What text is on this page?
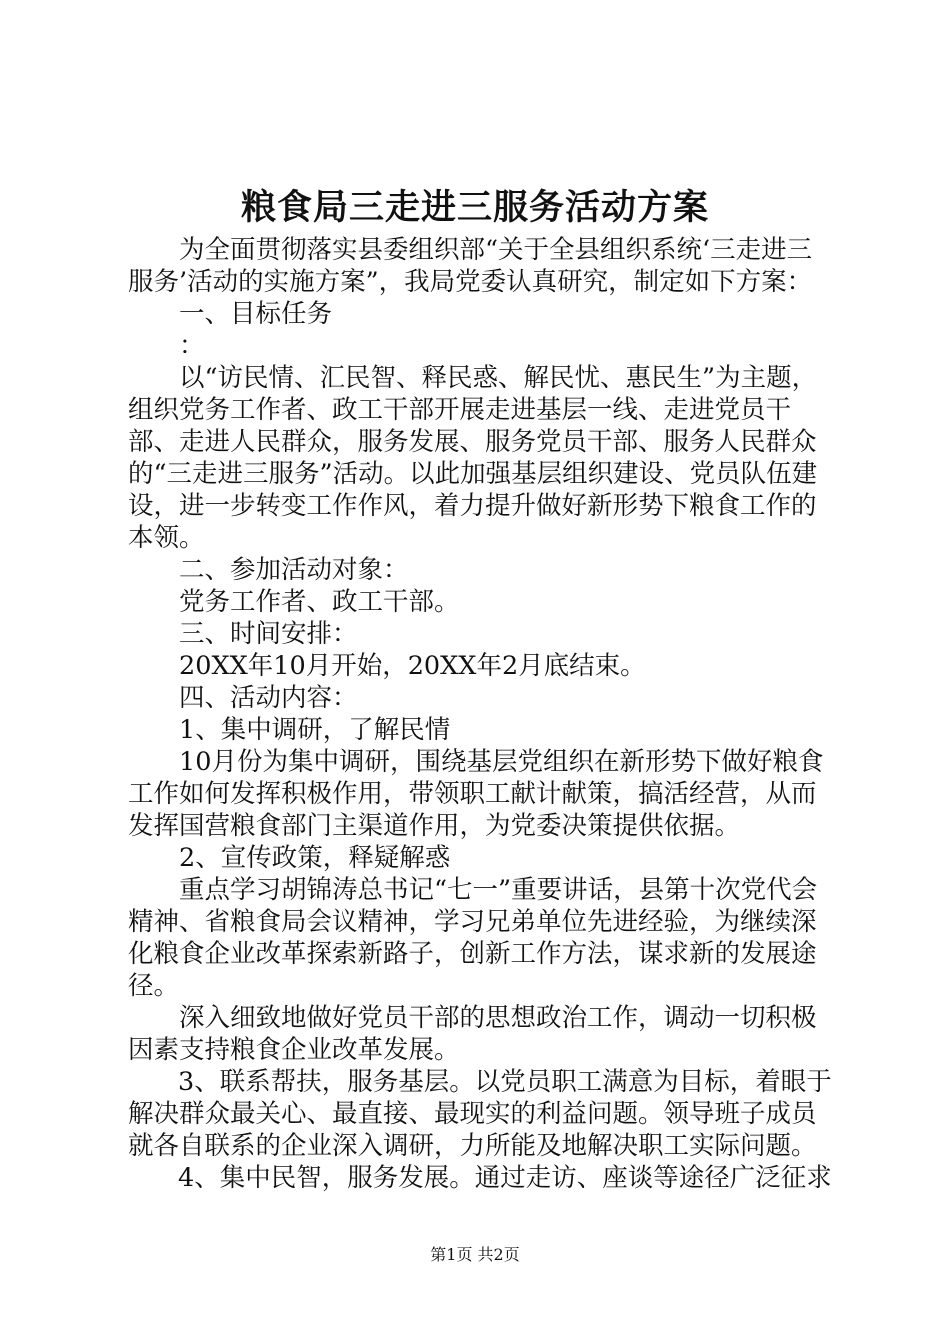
粮食局三走进三服务活动方案

为全面贯彻落实县委组织部“关于全县组织系统‘三走进三服务’活动的实施方案”，我局党委认真研究，制定如下方案：

一、目标任务

：

以“访民情、汇民智、释民惑、解民忧、惠民生”为主题，组织党务工作者、政工干部开展走进基层一线、走进党员干部、走进人民群众，服务发展、服务党员干部、服务人民群众的“三走进三服务”活动。以此加强基层组织建设、党员队伍建设，进一步转变工作作风，着力提升做好新形势下粮食工作的本领。

二、参加活动对象：

党务工作者、政工干部。

三、时间安排：

20XX年10月开始，20XX年2月底结束。

四、活动内容：

1、集中调研，了解民情

10月份为集中调研，围绕基层党组织在新形势下做好粮食工作如何发挥积极作用，带领职工献计献策，搞活经营，从而发挥国营粮食部门主渠道作用，为党委决策提供依据。

2、宣传政策，释疑解惑

重点学习胡锦涛总书记“七一”重要讲话，县第十次党代会精神、省粮食局会议精神，学习兄弟单位先进经验，为继续深化粮食企业改革探索新路子，创新工作方法，谋求新的发展途径。

深入细致地做好党员干部的思想政治工作，调动一切积极因素支持粮食企业改革发展。

3、联系帮扶，服务基层。以党员职工满意为目标，着眼于解决群众最关心、最直接、最现实的利益问题。领导班子成员就各自联系的企业深入调研，力所能及地解决职工实际问题。

4、集中民智，服务发展。通过走访、座谈等途径广泛征求

第1页 共2页
